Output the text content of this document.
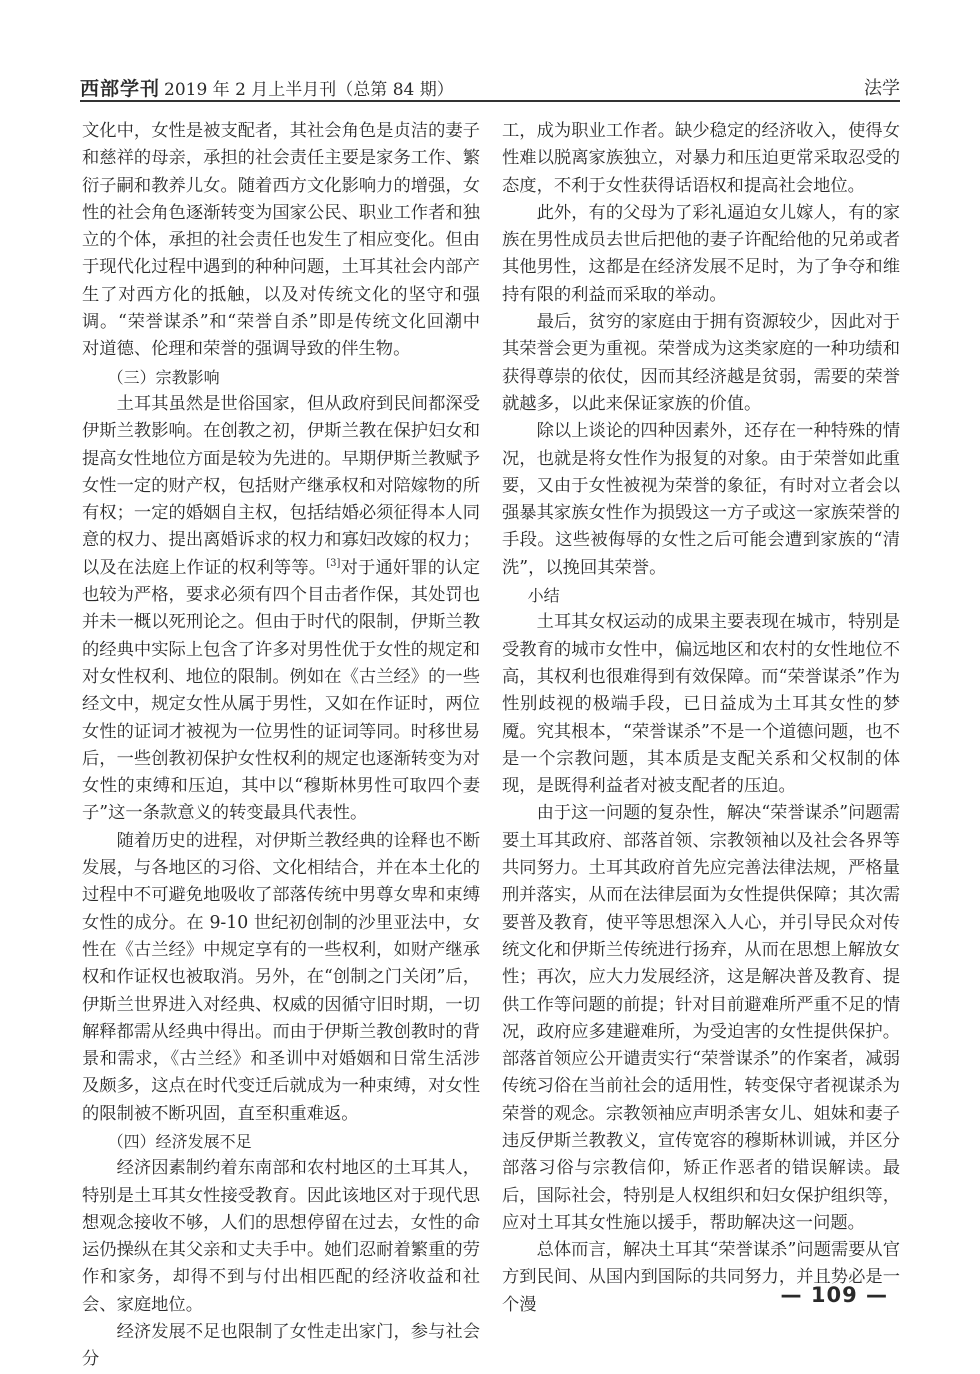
西部学刊 2019 年 2 月上半月刊（总第 84 期）	法学

文化中，女性是被支配者，其社会角色是贞洁的妻子和慈祥的母亲，承担的社会责任主要是家务工作、繁衍子嗣和教养儿女。随着西方文化影响力的增强，女性的社会角色逐渐转变为国家公民、职业工作者和独立的个体，承担的社会责任也发生了相应变化。但由于现代化过程中遇到的种种问题，土耳其社会内部产生了对西方化的抵触，以及对传统文化的坚守和强调。“荣誉谋杀”和“荣誉自杀”即是传统文化回潮中对道德、伦理和荣誉的强调导致的伴生物。

（三）宗教影响

土耳其虽然是世俗国家，但从政府到民间都深受伊斯兰教影响。在创教之初，伊斯兰教在保护妇女和提高女性地位方面是较为先进的。早期伊斯兰教赋予女性一定的财产权，包括财产继承权和对陪嫁物的所有权；一定的婚姻自主权，包括结婚必须征得本人同意的权力、提出离婚诉求的权力和寡妇改嫁的权力；以及在法庭上作证的权利等等。[3]对于通奸罪的认定也较为严格，要求必须有四个目击者作保，其处罚也并未一概以死刑论之。但由于时代的限制，伊斯兰教的经典中实际上包含了许多对男性优于女性的规定和对女性权利、地位的限制。例如在《古兰经》的一些经文中，规定女性从属于男性，又如在作证时，两位女性的证词才被视为一位男性的证词等同。时移世易后，一些创教初保护女性权利的规定也逐渐转变为对女性的束缚和压迫，其中以“穆斯林男性可取四个妻子”这一条款意义的转变最具代表性。

随着历史的进程，对伊斯兰教经典的诠释也不断发展，与各地区的习俗、文化相结合，并在本土化的过程中不可避免地吸收了部落传统中男尊女卑和束缚女性的成分。在 9-10 世纪初创制的沙里亚法中，女性在《古兰经》中规定享有的一些权利，如财产继承权和作证权也被取消。另外，在“创制之门关闭”后，伊斯兰世界进入对经典、权威的因循守旧时期，一切解释都需从经典中得出。而由于伊斯兰教创教时的背景和需求，《古兰经》和圣训中对婚姻和日常生活涉及颇多，这点在时代变迁后就成为一种束缚，对女性的限制被不断巩固，直至积重难返。

（四）经济发展不足

经济因素制约着东南部和农村地区的土耳其人，特别是土耳其女性接受教育。因此该地区对于现代思想观念接收不够，人们的思想停留在过去，女性的命运仍操纵在其父亲和丈夫手中。她们忍耐着繁重的劳作和家务，却得不到与付出相匹配的经济收益和社会、家庭地位。

经济发展不足也限制了女性走出家门，参与社会分

工，成为职业工作者。缺少稳定的经济收入，使得女性难以脱离家族独立，对暴力和压迫更常采取忍受的态度，不利于女性获得话语权和提高社会地位。

此外，有的父母为了彩礼逼迫女儿嫁人，有的家族在男性成员去世后把他的妻子许配给他的兄弟或者其他男性，这都是在经济发展不足时，为了争夺和维持有限的利益而采取的举动。

最后，贫穷的家庭由于拥有资源较少，因此对于其荣誉会更为重视。荣誉成为这类家庭的一种功绩和获得尊崇的依仗，因而其经济越是贫弱，需要的荣誉就越多，以此来保证家族的价值。

除以上谈论的四种因素外，还存在一种特殊的情况，也就是将女性作为报复的对象。由于荣誉如此重要，又由于女性被视为荣誉的象征，有时对立者会以强暴其家族女性作为损毁这一方子或这一家族荣誉的手段。这些被侮辱的女性之后可能会遭到家族的“清洗”，以挽回其荣誉。

小结

土耳其女权运动的成果主要表现在城市，特别是受教育的城市女性中，偏远地区和农村的女性地位不高，其权利也很难得到有效保障。而“荣誉谋杀”作为性别歧视的极端手段，已日益成为土耳其女性的梦魇。究其根本，“荣誉谋杀”不是一个道德问题，也不是一个宗教问题，其本质是支配关系和父权制的体现，是既得利益者对被支配者的压迫。

由于这一问题的复杂性，解决“荣誉谋杀”问题需要土耳其政府、部落首领、宗教领袖以及社会各界等共同努力。土耳其政府首先应完善法律法规，严格量刑并落实，从而在法律层面为女性提供保障；其次需要普及教育，使平等思想深入人心，并引导民众对传统文化和伊斯兰传统进行扬弃，从而在思想上解放女性；再次，应大力发展经济，这是解决普及教育、提供工作等问题的前提；针对目前避难所严重不足的情况，政府应多建避难所，为受迫害的女性提供保护。部落首领应公开谴责实行“荣誉谋杀”的作案者，减弱传统习俗在当前社会的适用性，转变保守者视谋杀为荣誉的观念。宗教领袖应声明杀害女儿、姐妹和妻子违反伊斯兰教教义，宣传宽容的穆斯林训诫，并区分部落习俗与宗教信仰，矫正作恶者的错误解读。最后，国际社会，特别是人权组织和妇女保护组织等，应对土耳其女性施以援手，帮助解决这一问题。

总体而言，解决土耳其“荣誉谋杀”问题需要从官方到民间、从国内到国际的共同努力，并且势必是一个漫	— 109 —
